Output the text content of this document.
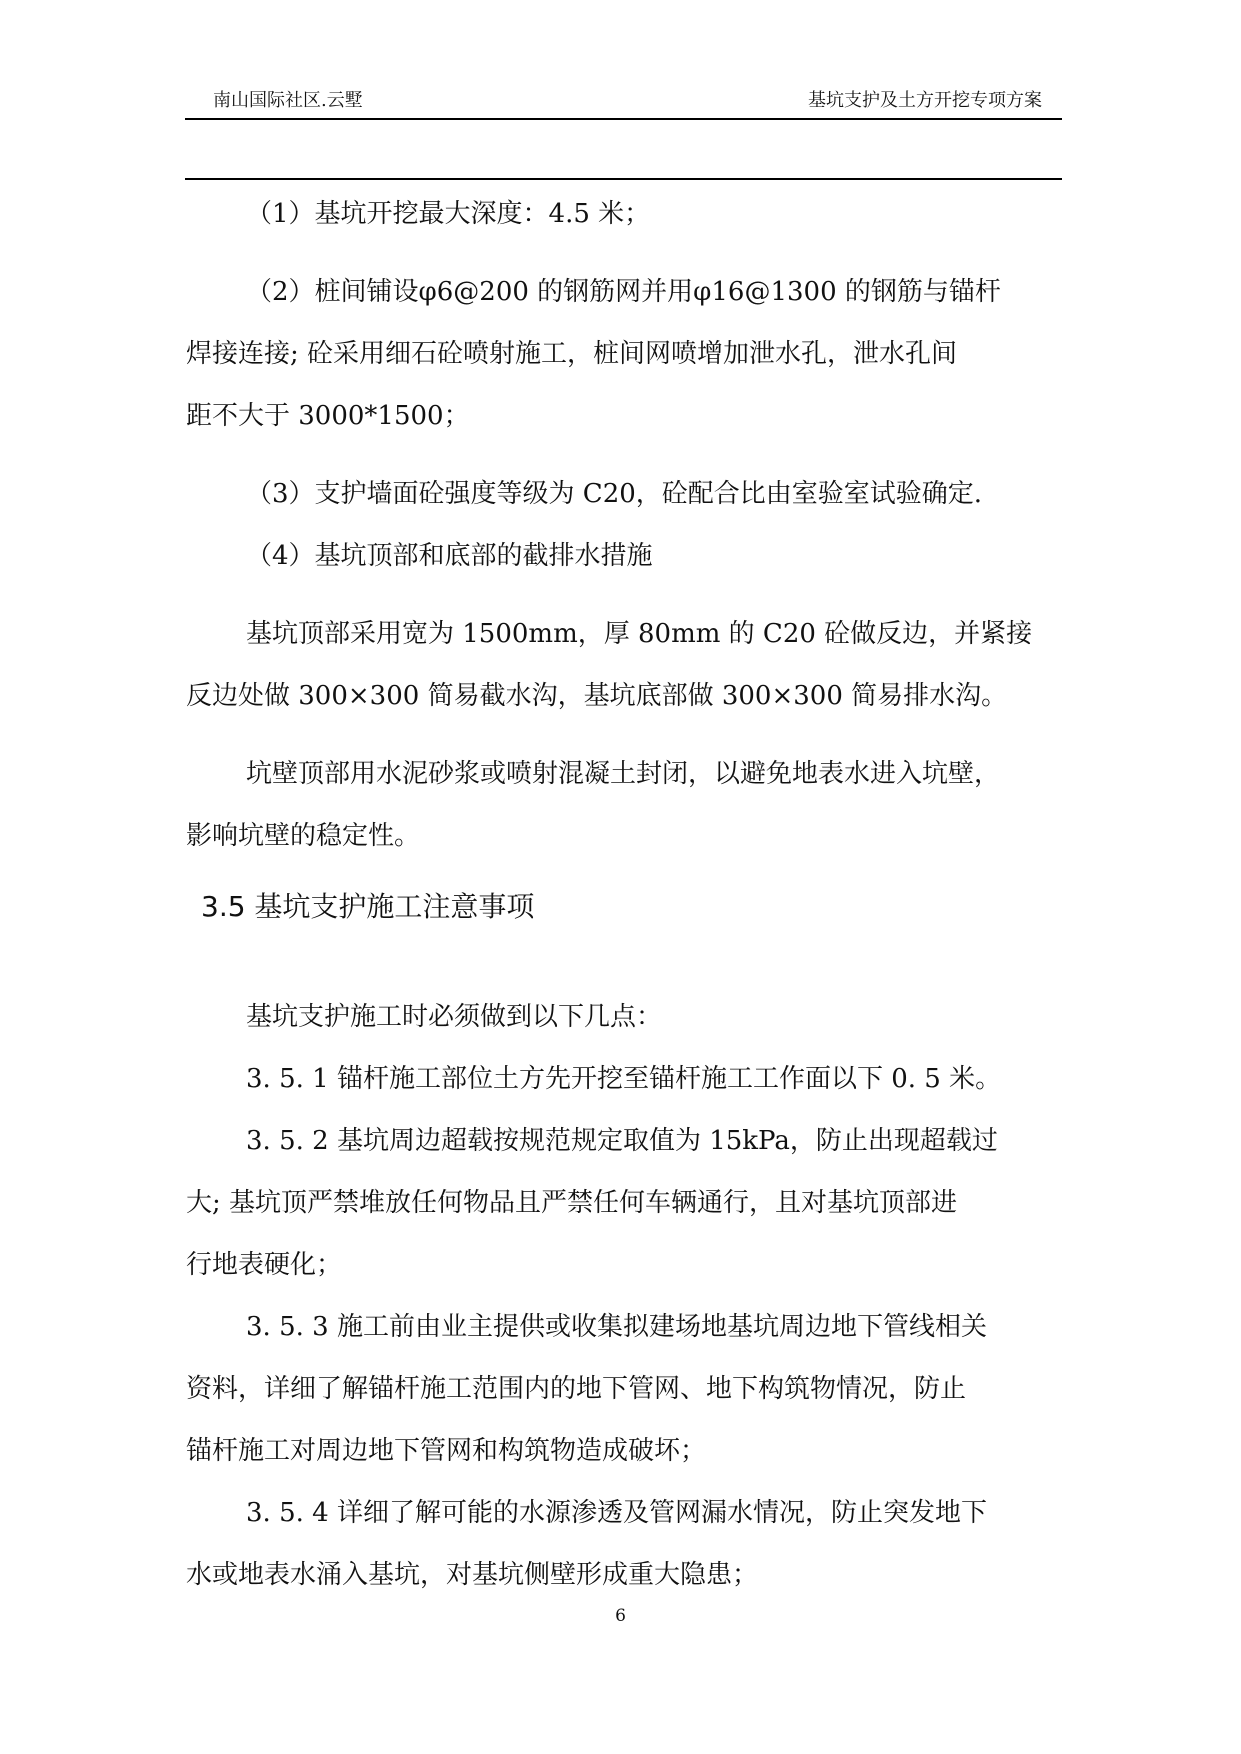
南山国际社区.云墅	基坑支护及土方开挖专项方案

（1）基坑开挖最大深度：4.5 米；

（2）桩间铺设φ6@200 的钢筋网并用φ16@1300 的钢筋与锚杆

焊接连接; 砼采用细石砼喷射施工，桩间网喷增加泄水孔，泄水孔间

距不大于 3000*1500；

（3）支护墙面砼强度等级为 C20，砼配合比由室验室试验确定.

（4）基坑顶部和底部的截排水措施

基坑顶部采用宽为 1500mm，厚 80mm 的 C20 砼做反边，并紧接

反边处做 300×300 简易截水沟，基坑底部做 300×300 简易排水沟。

坑壁顶部用水泥砂浆或喷射混凝土封闭，以避免地表水进入坑壁，

影响坑壁的稳定性。

3.5 基坑支护施工注意事项

基坑支护施工时必须做到以下几点：

3. 5. 1 锚杆施工部位土方先开挖至锚杆施工工作面以下 0. 5 米。

3. 5. 2 基坑周边超载按规范规定取值为 15kPa，防止出现超载过

大; 基坑顶严禁堆放任何物品且严禁任何车辆通行，且对基坑顶部进

行地表硬化；

3. 5. 3 施工前由业主提供或收集拟建场地基坑周边地下管线相关

资料，详细了解锚杆施工范围内的地下管网、地下构筑物情况，防止

锚杆施工对周边地下管网和构筑物造成破坏；

3. 5. 4 详细了解可能的水源渗透及管网漏水情况，防止突发地下

水或地表水涌入基坑，对基坑侧壁形成重大隐患；

6
